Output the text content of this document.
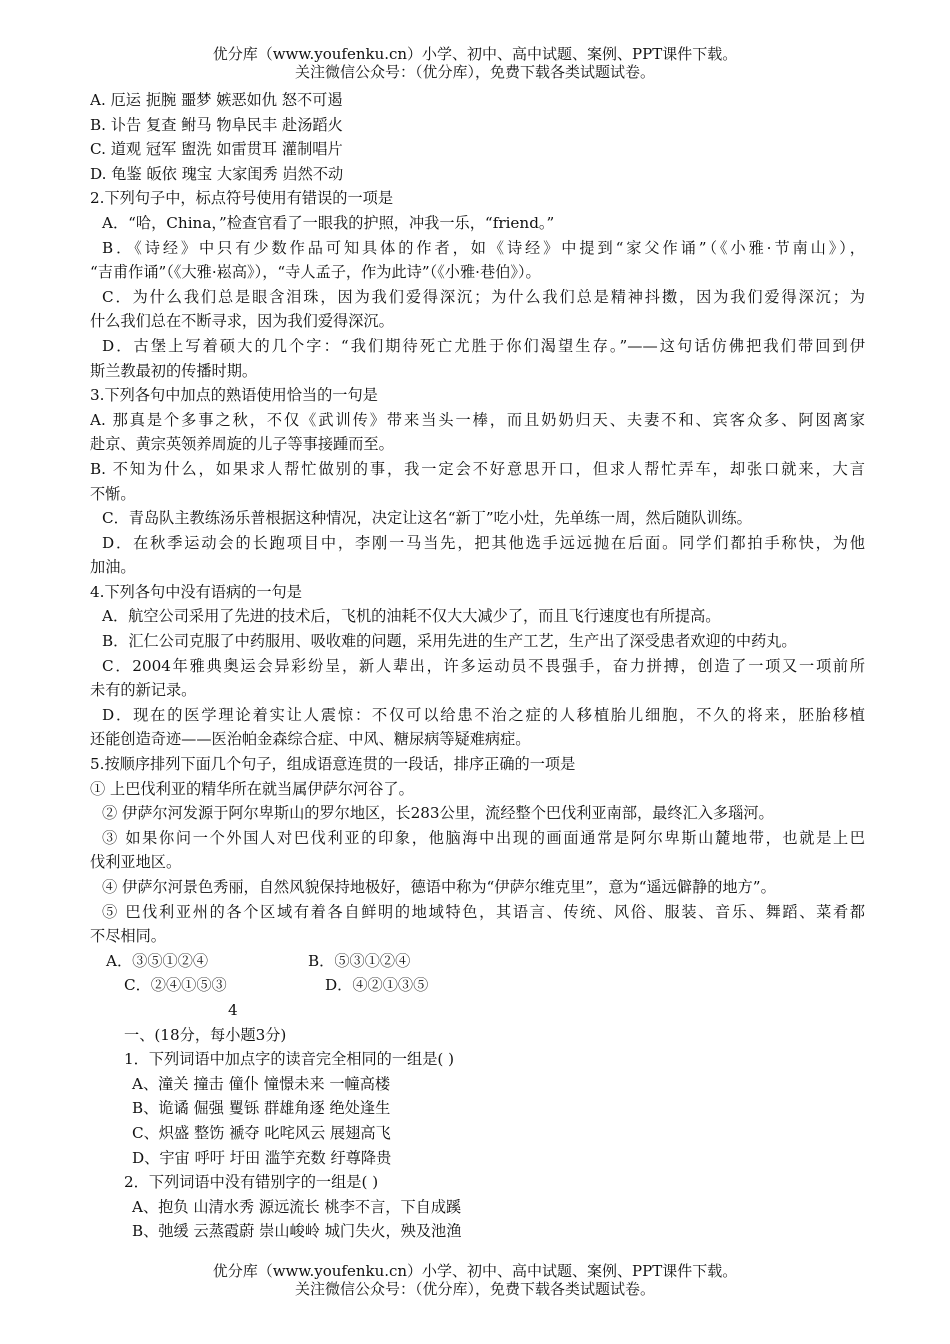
优分库（www.youfenku.cn）小学、初中、高中试题、案例、PPT课件下载。
关注微信公众号：（优分库），免费下载各类试题试卷。
A. 厄运 扼腕 噩梦 嫉恶如仇 怒不可遏
B. 讣告 复查 鲋马 物阜民丰 赴汤蹈火
C. 道观 冠军 盥洗 如雷贯耳 灌制唱片
D. 龟鉴 皈依 瑰宝 大家闺秀 岿然不动
2.下列句子中，标点符号使用有错误的一项是
A．“哈，China，”检查官看了一眼我的护照，冲我一乐，“friend。”
B．《诗经》中只有少数作品可知具体的作者，如《诗经》中提到“家父作诵”（《小雅·节南山》），
“吉甫作诵”（《大雅·崧高》），“寺人孟子，作为此诗”（《小雅·巷伯》）。
C．为什么我们总是眼含泪珠，因为我们爱得深沉；为什么我们总是精神抖擞，因为我们爱得深沉；为
什么我们总在不断寻求，因为我们爱得深沉。
D．古堡上写着硕大的几个字：“我们期待死亡尤胜于你们渴望生存。”——这句话仿佛把我们带回到伊
斯兰教最初的传播时期。
3.下列各句中加点的熟语使用恰当的一句是
A. 那真是个多事之秋，不仅《武训传》带来当头一棒，而且奶奶归天、夫妻不和、宾客众多、阿囡离家
赴京、黄宗英领养周旋的儿子等事接踵而至。
B. 不知为什么，如果求人帮忙做别的事，我一定会不好意思开口，但求人帮忙弄车，却张口就来，大言
不惭。
C．青岛队主教练汤乐普根据这种情况，决定让这名“新丁”吃小灶，先单练一周，然后随队训练。
D．在秋季运动会的长跑项目中，李刚一马当先，把其他选手远远抛在后面。同学们都拍手称快，为他
加油。
4.下列各句中没有语病的一句是
A．航空公司采用了先进的技术后，飞机的油耗不仅大大减少了，而且飞行速度也有所提高。
B．汇仁公司克服了中药服用、吸收难的问题，采用先进的生产工艺，生产出了深受患者欢迎的中药丸。
C．2004年雅典奥运会异彩纷呈，新人辈出，许多运动员不畏强手，奋力拼搏，创造了一项又一项前所
未有的新记录。
D．现在的医学理论着实让人震惊：不仅可以给患不治之症的人移植胎儿细胞，不久的将来，胚胎移植
还能创造奇迹——医治帕金森综合症、中风、糖尿病等疑难病症。
5.按顺序排列下面几个句子，组成语意连贯的一段话，排序正确的一项是
① 上巴伐利亚的精华所在就当属伊萨尔河谷了。
② 伊萨尔河发源于阿尔卑斯山的罗尔地区，长283公里，流经整个巴伐利亚南部，最终汇入多瑙河。
③ 如果你问一个外国人对巴伐利亚的印象，他脑海中出现的画面通常是阿尔卑斯山麓地带，也就是上巴
伐利亚地区。
④ 伊萨尔河景色秀丽，自然风貌保持地极好，德语中称为“伊萨尔维克里”，意为“遥远僻静的地方”。
⑤ 巴伐利亚州的各个区域有着各自鲜明的地域特色，其语言、传统、风俗、服装、音乐、舞蹈、菜肴都
不尽相同。
A．③⑤①②④	B．⑤③①②④
C．②④①⑤③	D．④②①③⑤
4
一、(18分，每小题3分)
1．下列词语中加点字的读音完全相同的一组是( )
A、潼关 撞击 僮仆 憧憬未来 一幢高楼
B、诡谲 倔强 矍铄 群雄角逐 绝处逢生
C、炽盛 整饬 褫夺 叱咤风云 展翅高飞
D、宇宙 呼吁 圩田 滥竽充数 纡尊降贵
2．下列词语中没有错别字的一组是( )
A、抱负 山清水秀 源远流长 桃李不言，下自成蹊
B、弛缓 云蒸霞蔚 崇山峻岭 城门失火，殃及池渔
优分库（www.youfenku.cn）小学、初中、高中试题、案例、PPT课件下载。
关注微信公众号：（优分库），免费下载各类试题试卷。
